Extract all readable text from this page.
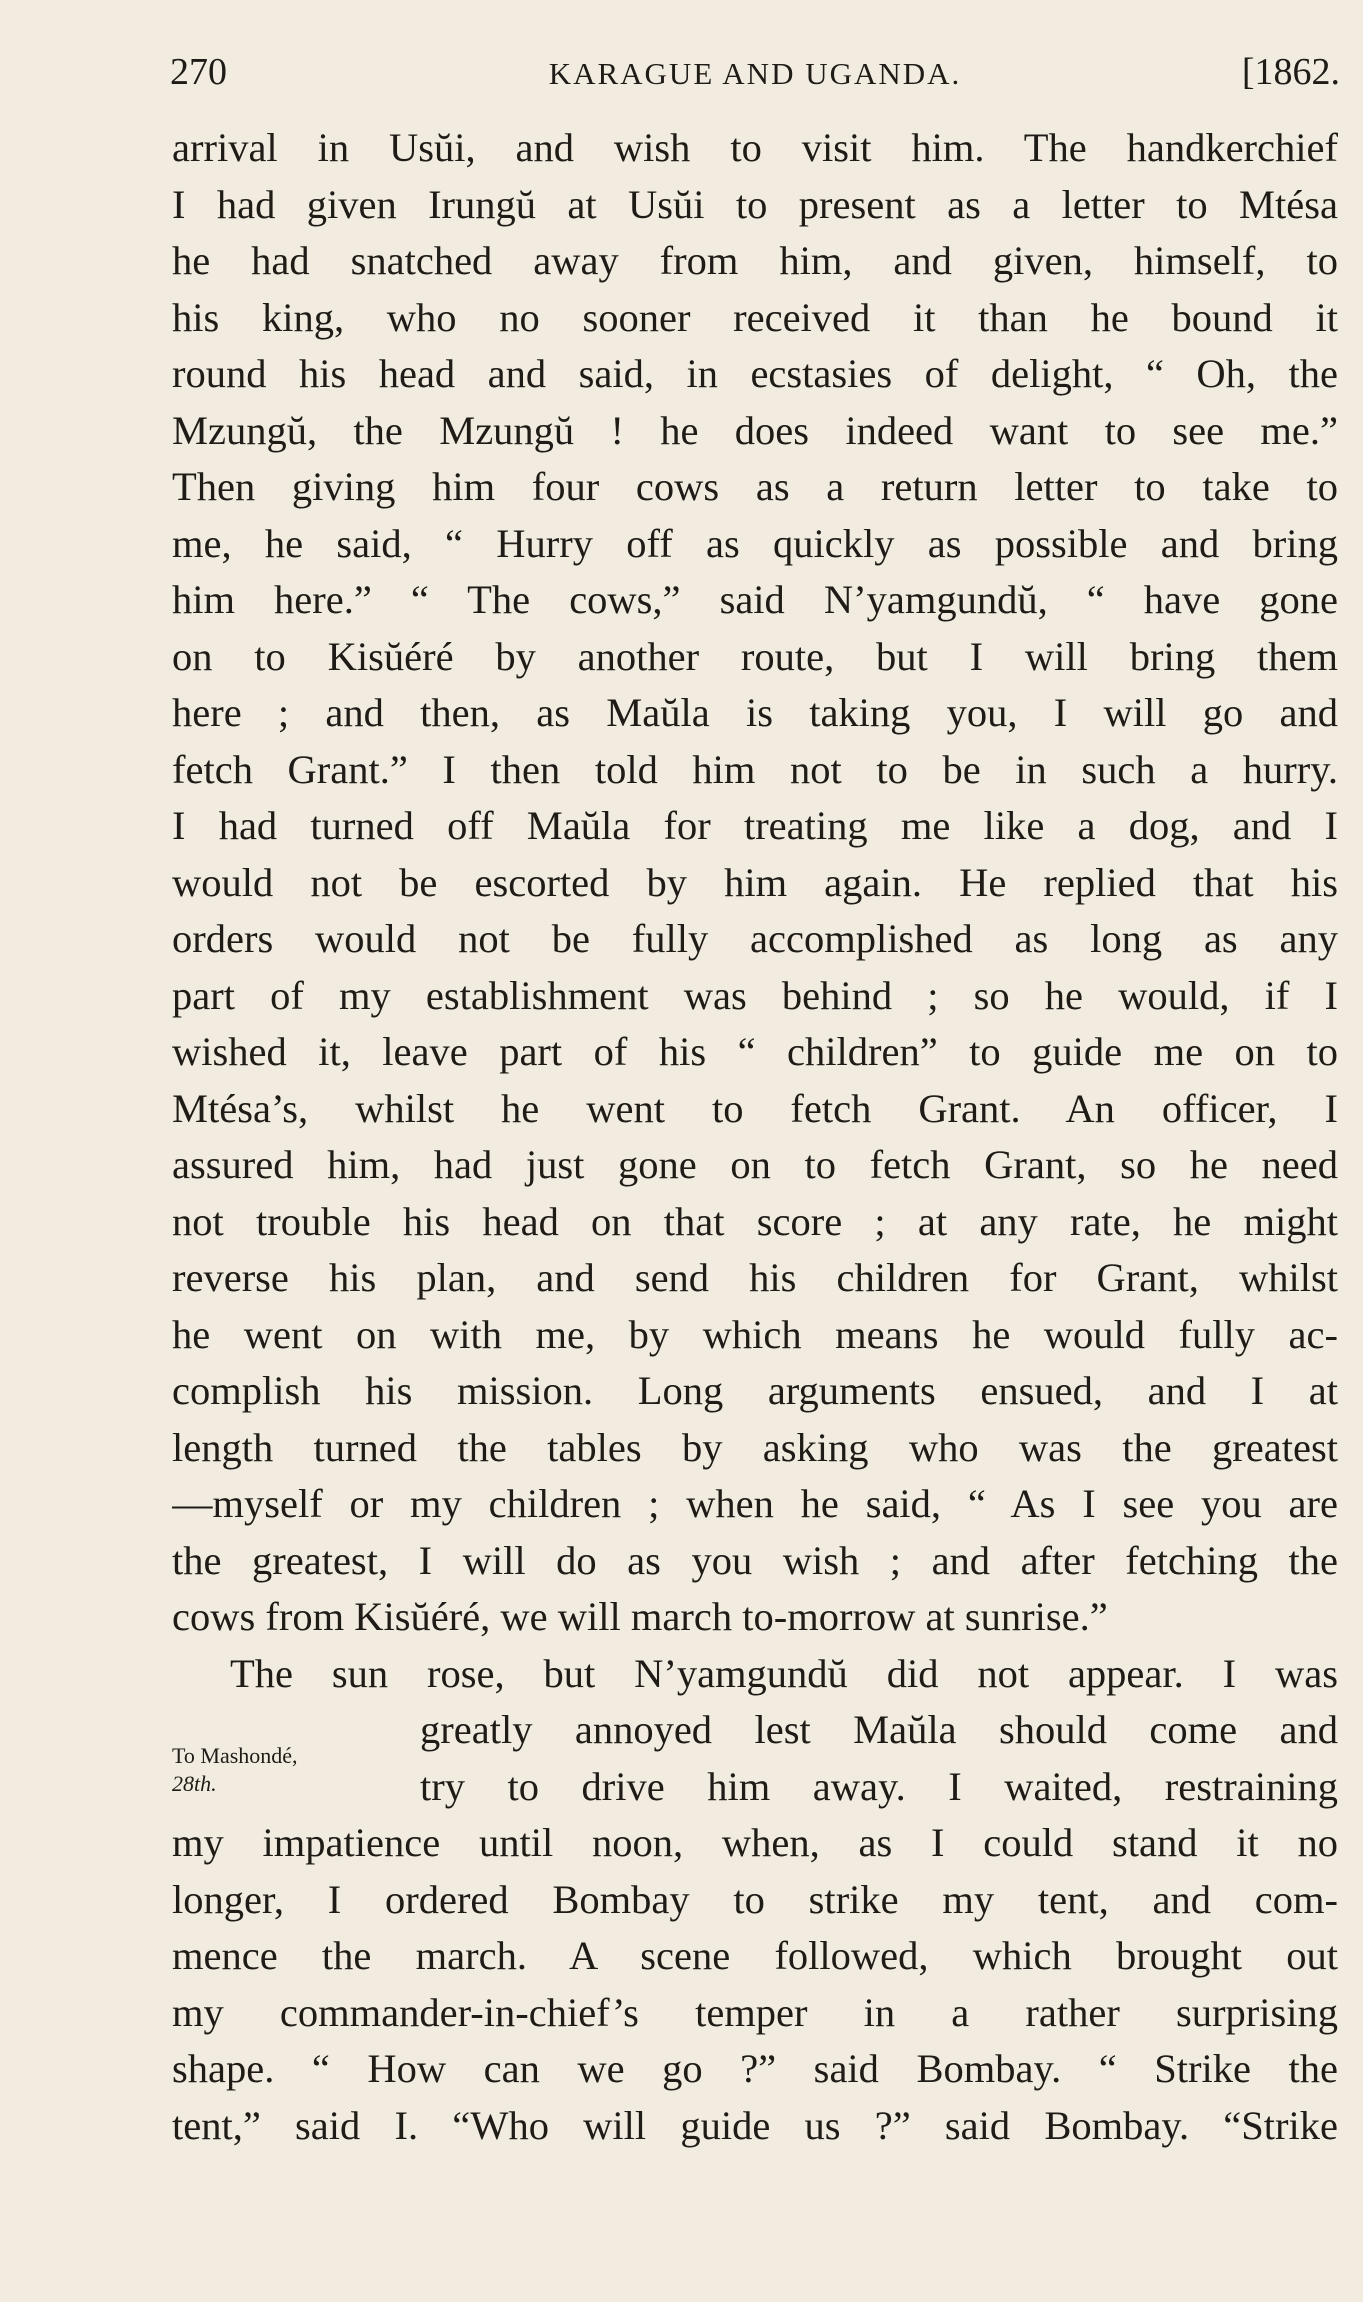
270	KARAGUE AND UGANDA.	[1862.
To Mashondé,
28th.
arrival in Usŭi, and wish to visit him. The handkerchief
I had given Irungŭ at Usŭi to present as a letter to Mtésa
he had snatched away from him, and given, himself, to
his king, who no sooner received it than he bound it
round his head and said, in ecstasies of delight, “ Oh, the
Mzungŭ, the Mzungŭ ! he does indeed want to see me.”
Then giving him four cows as a return letter to take to
me, he said, “ Hurry off as quickly as possible and bring
him here.” “ The cows,” said N’yamgundŭ, “ have gone
on to Kisŭéré by another route, but I will bring them
here ; and then, as Maŭla is taking you, I will go and
fetch Grant.” I then told him not to be in such a hurry.
I had turned off Maŭla for treating me like a dog, and I
would not be escorted by him again. He replied that his
orders would not be fully accomplished as long as any
part of my establishment was behind ; so he would, if I
wished it, leave part of his “ children” to guide me on to
Mtésa’s, whilst he went to fetch Grant. An officer, I
assured him, had just gone on to fetch Grant, so he need
not trouble his head on that score ; at any rate, he might
reverse his plan, and send his children for Grant, whilst
he went on with me, by which means he would fully ac-
complish his mission. Long arguments ensued, and I at
length turned the tables by asking who was the greatest
—myself or my children ; when he said, “ As I see you are
the greatest, I will do as you wish ; and after fetching the
cows from Kisŭéré, we will march to-morrow at sunrise.”
The sun rose, but N’yamgundŭ did not appear. I was
greatly annoyed lest Maŭla should come and
try to drive him away. I waited, restraining
my impatience until noon, when, as I could stand it no
longer, I ordered Bombay to strike my tent, and com-
mence the march. A scene followed, which brought out
my commander-in-chief’s temper in a rather surprising
shape. “ How can we go ?” said Bombay. “ Strike the
tent,” said I. “Who will guide us ?” said Bombay. “Strike
